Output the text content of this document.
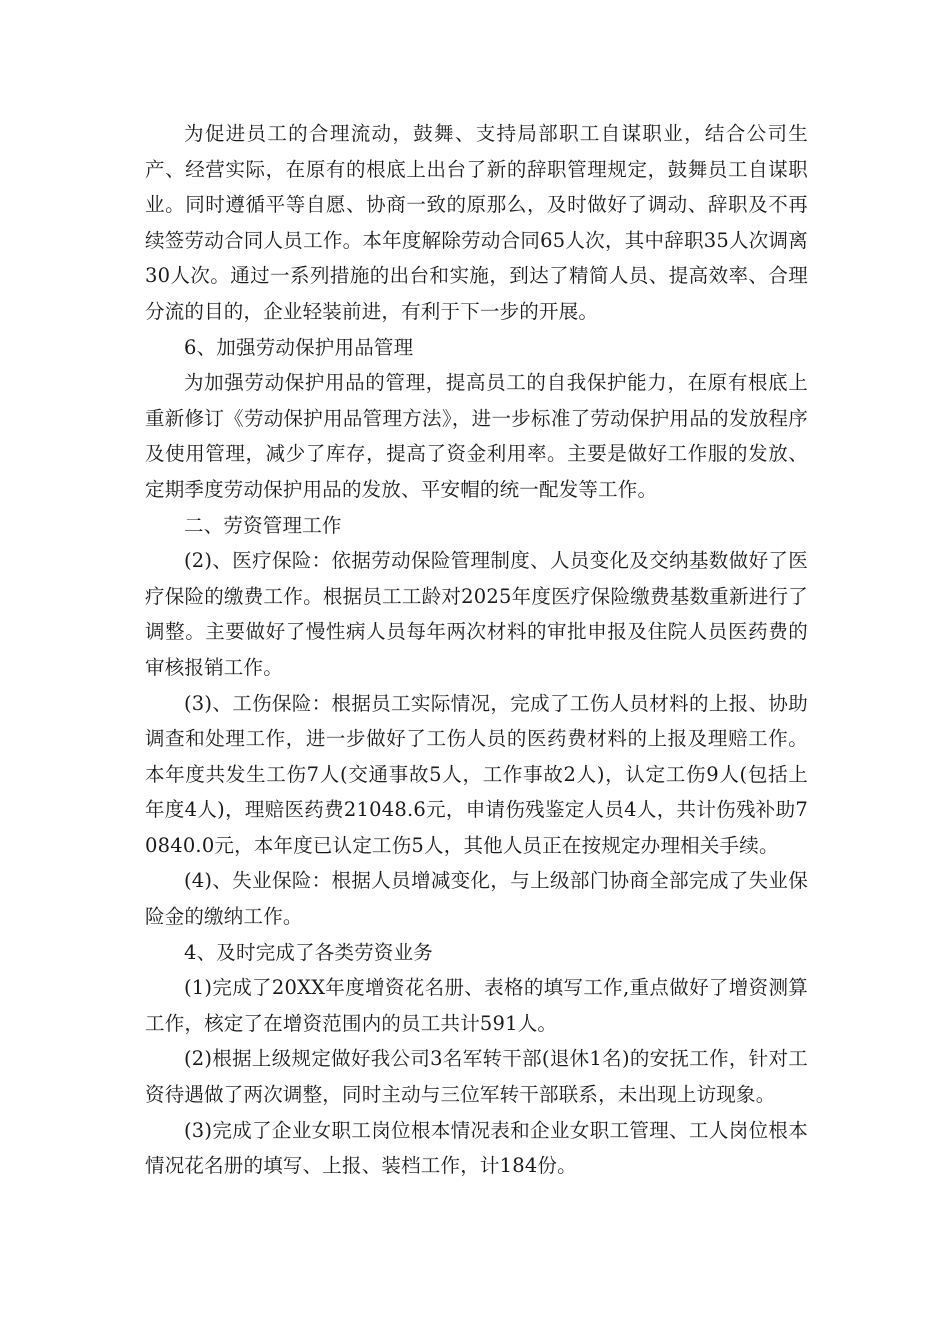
为促进员工的合理流动，鼓舞、支持局部职工自谋职业，结合公司生产、经营实际，在原有的根底上出台了新的辞职管理规定，鼓舞员工自谋职业。同时遵循平等自愿、协商一致的原那么，及时做好了调动、辞职及不再续签劳动合同人员工作。本年度解除劳动合同65人次，其中辞职35人次调离30人次。通过一系列措施的出台和实施，到达了精简人员、提高效率、合理分流的目的，企业轻装前进，有利于下一步的开展。

6、加强劳动保护用品管理

为加强劳动保护用品的管理，提高员工的自我保护能力，在原有根底上重新修订《劳动保护用品管理方法》，进一步标准了劳动保护用品的发放程序及使用管理，减少了库存，提高了资金利用率。主要是做好工作服的发放、定期季度劳动保护用品的发放、平安帽的统一配发等工作。

二、劳资管理工作

(2)、医疗保险：依据劳动保险管理制度、人员变化及交纳基数做好了医疗保险的缴费工作。根据员工工龄对2025年度医疗保险缴费基数重新进行了调整。主要做好了慢性病人员每年两次材料的审批申报及住院人员医药费的审核报销工作。

(3)、工伤保险：根据员工实际情况，完成了工伤人员材料的上报、协助调查和处理工作，进一步做好了工伤人员的医药费材料的上报及理赔工作。本年度共发生工伤7人(交通事故5人，工作事故2人)，认定工伤9人(包括上年度4人)，理赔医药费21048.6元，申请伤残鉴定人员4人，共计伤残补助70840.0元，本年度已认定工伤5人，其他人员正在按规定办理相关手续。

(4)、失业保险：根据人员增减变化，与上级部门协商全部完成了失业保险金的缴纳工作。

4、及时完成了各类劳资业务

(1)完成了20XX年度增资花名册、表格的填写工作,重点做好了增资测算工作，核定了在增资范围内的员工共计591人。

(2)根据上级规定做好我公司3名军转干部(退休1名)的安抚工作，针对工资待遇做了两次调整，同时主动与三位军转干部联系，未出现上访现象。

(3)完成了企业女职工岗位根本情况表和企业女职工管理、工人岗位根本情况花名册的填写、上报、装档工作，计184份。
